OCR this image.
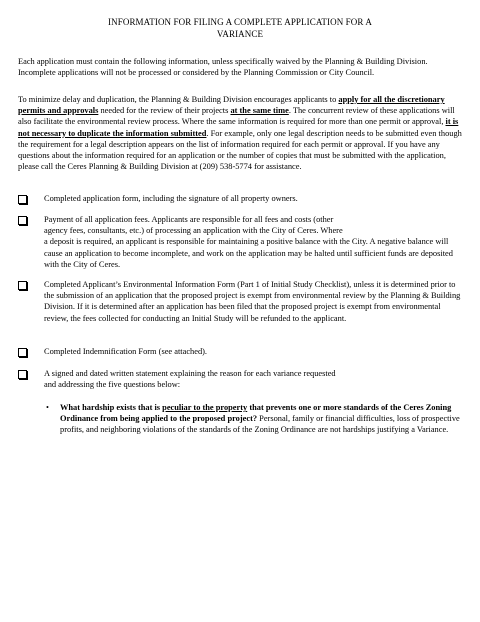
INFORMATION FOR FILING A COMPLETE APPLICATION FOR A
VARIANCE
Each application must contain the following information, unless specifically waived by the Planning & Building Division. Incomplete applications will not be processed or considered by the Planning Commission or City Council.
To minimize delay and duplication, the Planning & Building Division encourages applicants to apply for all the discretionary permits and approvals needed for the review of their projects at the same time. The concurrent review of these applications will also facilitate the environmental review process. Where the same information is required for more than one permit or approval, it is not necessary to duplicate the information submitted. For example, only one legal description needs to be submitted even though the requirement for a legal description appears on the list of information required for each permit or approval. If you have any questions about the information required for an application or the number of copies that must be submitted with the application, please call the Ceres Planning & Building Division at (209) 538-5774 for assistance.
Completed application form, including the signature of all property owners.
Payment of all application fees. Applicants are responsible for all fees and costs (other
agency fees, consultants, etc.) of processing an application with the City of Ceres. Where
a deposit is required, an applicant is responsible for maintaining a positive balance with the City. A negative balance will cause an application to become incomplete, and work on the application may be halted until sufficient funds are deposited with the City of Ceres.
Completed Applicant’s Environmental Information Form (Part 1 of Initial Study Checklist), unless it is determined prior to the submission of an application that the proposed project is exempt from environmental review by the Planning & Building Division. If it is determined after an application has been filed that the proposed project is exempt from environmental review, the fees collected for conducting an Initial Study will be refunded to the applicant.
Completed Indemnification Form (see attached).
A signed and dated written statement explaining the reason for each variance requested
and addressing the five questions below:
• What hardship exists that is peculiar to the property that prevents one or more standards of the Ceres Zoning Ordinance from being applied to the proposed project? Personal, family or financial difficulties, loss of prospective profits, and neighboring violations of the standards of the Zoning Ordinance are not hardships justifying a Variance.
